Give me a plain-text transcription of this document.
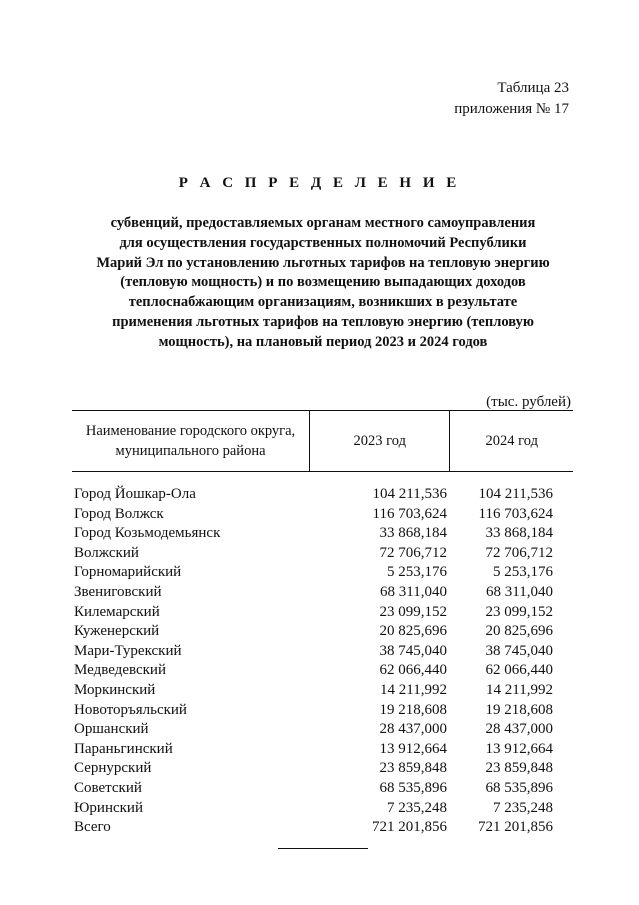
Таблица 23
приложения № 17
Р А С П Р Е Д Е Л Е Н И Е
субвенций, предоставляемых органам местного самоуправления
для осуществления государственных полномочий Республики
Марий Эл по установлению льготных тарифов на тепловую энергию
(тепловую мощность) и по возмещению выпадающих доходов
теплоснабжающим организациям, возникших в результате
применения льготных тарифов на тепловую энергию (тепловую
мощность), на плановый период 2023 и 2024 годов
(тыс. рублей)
Наименование городского округа,
муниципального района
2023 год	2024 год
Город Йошкар-Ола	104 211,536	104 211,536
Город Волжск	116 703,624	116 703,624
Город Козьмодемьянск	33 868,184	33 868,184
Волжский	72 706,712	72 706,712
Горномарийский	5 253,176	5 253,176
Звениговский	68 311,040	68 311,040
Килемарский	23 099,152	23 099,152
Куженерский	20 825,696	20 825,696
Мари-Турекский	38 745,040	38 745,040
Медведевский	62 066,440	62 066,440
Моркинский	14 211,992	14 211,992
Новоторъяльский	19 218,608	19 218,608
Оршанский	28 437,000	28 437,000
Параньгинский	13 912,664	13 912,664
Сернурский	23 859,848	23 859,848
Советский	68 535,896	68 535,896
Юринский	7 235,248	7 235,248
Всего	721 201,856	721 201,856
